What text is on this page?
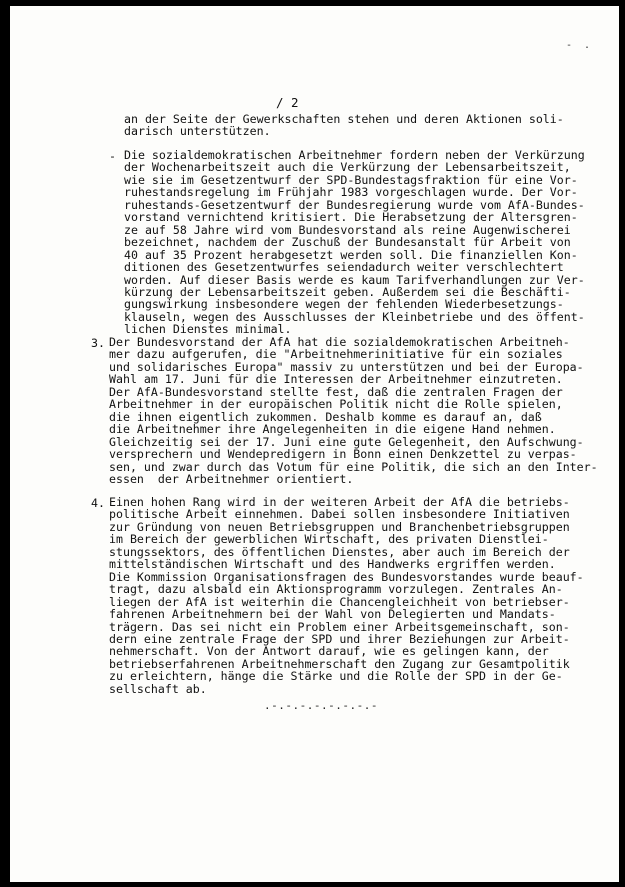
- .
/ 2
an der Seite der Gewerkschaften stehen und deren Aktionen soli-
darisch unterstützen.
- Die sozialdemokratischen Arbeitnehmer fordern neben der Verkürzung
der Wochenarbeitszeit auch die Verkürzung der Lebensarbeitszeit,
wie sie im Gesetzentwurf der SPD-Bundestagsfraktion für eine Vor-
ruhestandsregelung im Frühjahr 1983 vorgeschlagen wurde. Der Vor-
ruhestands-Gesetzentwurf der Bundesregierung wurde vom AfA-Bundes-
vorstand vernichtend kritisiert. Die Herabsetzung der Altersgren-
ze auf 58 Jahre wird vom Bundesvorstand als reine Augenwischerei
bezeichnet, nachdem der Zuschuß der Bundesanstalt für Arbeit von
40 auf 35 Prozent herabgesetzt werden soll. Die finanziellen Kon-
ditionen des Gesetzentwurfes seiendadurch weiter verschlechtert
worden. Auf dieser Basis werde es kaum Tarifverhandlungen zur Ver-
kürzung der Lebensarbeitszeit geben. Außerdem sei die Beschäfti-
gungswirkung insbesondere wegen der fehlenden Wiederbesetzungs-
klauseln, wegen des Ausschlusses der Kleinbetriebe und des öffent-
lichen Dienstes minimal.
3. Der Bundesvorstand der AfA hat die sozialdemokratischen Arbeitneh-
mer dazu aufgerufen, die "Arbeitnehmerinitiative für ein soziales
und solidarisches Europa" massiv zu unterstützen und bei der Europa-
Wahl am 17. Juni für die Interessen der Arbeitnehmer einzutreten.
Der AfA-Bundesvorstand stellte fest, daß die zentralen Fragen der
Arbeitnehmer in der europäischen Politik nicht die Rolle spielen,
die ihnen eigentlich zukommen. Deshalb komme es darauf an, daß
die Arbeitnehmer ihre Angelegenheiten in die eigene Hand nehmen.
Gleichzeitig sei der 17. Juni eine gute Gelegenheit, den Aufschwung-
versprechern und Wendepredigern in Bonn einen Denkzettel zu verpas-
sen, und zwar durch das Votum für eine Politik, die sich an den Inter-
essen  der Arbeitnehmer orientiert.
4. Einen hohen Rang wird in der weiteren Arbeit der AfA die betriebs-
politische Arbeit einnehmen. Dabei sollen insbesondere Initiativen
zur Gründung von neuen Betriebsgruppen und Branchenbetriebsgruppen
im Bereich der gewerblichen Wirtschaft, des privaten Dienstlei-
stungssektors, des öffentlichen Dienstes, aber auch im Bereich der
mittelständischen Wirtschaft und des Handwerks ergriffen werden.
Die Kommission Organisationsfragen des Bundesvorstandes wurde beauf-
tragt, dazu alsbald ein Aktionsprogramm vorzulegen. Zentrales An-
liegen der AfA ist weiterhin die Chancengleichheit von betriebser-
fahrenen Arbeitnehmern bei der Wahl von Delegierten und Mandats-
trägern. Das sei nicht ein Problem einer Arbeitsgemeinschaft, son-
dern eine zentrale Frage der SPD und ihrer Beziehungen zur Arbeit-
nehmerschaft. Von der Antwort darauf, wie es gelingen kann, der
betriebserfahrenen Arbeitnehmerschaft den Zugang zur Gesamtpolitik
zu erleichtern, hänge die Stärke und die Rolle der SPD in der Ge-
sellschaft ab.
.-.-.-.-.-.-.-.-
